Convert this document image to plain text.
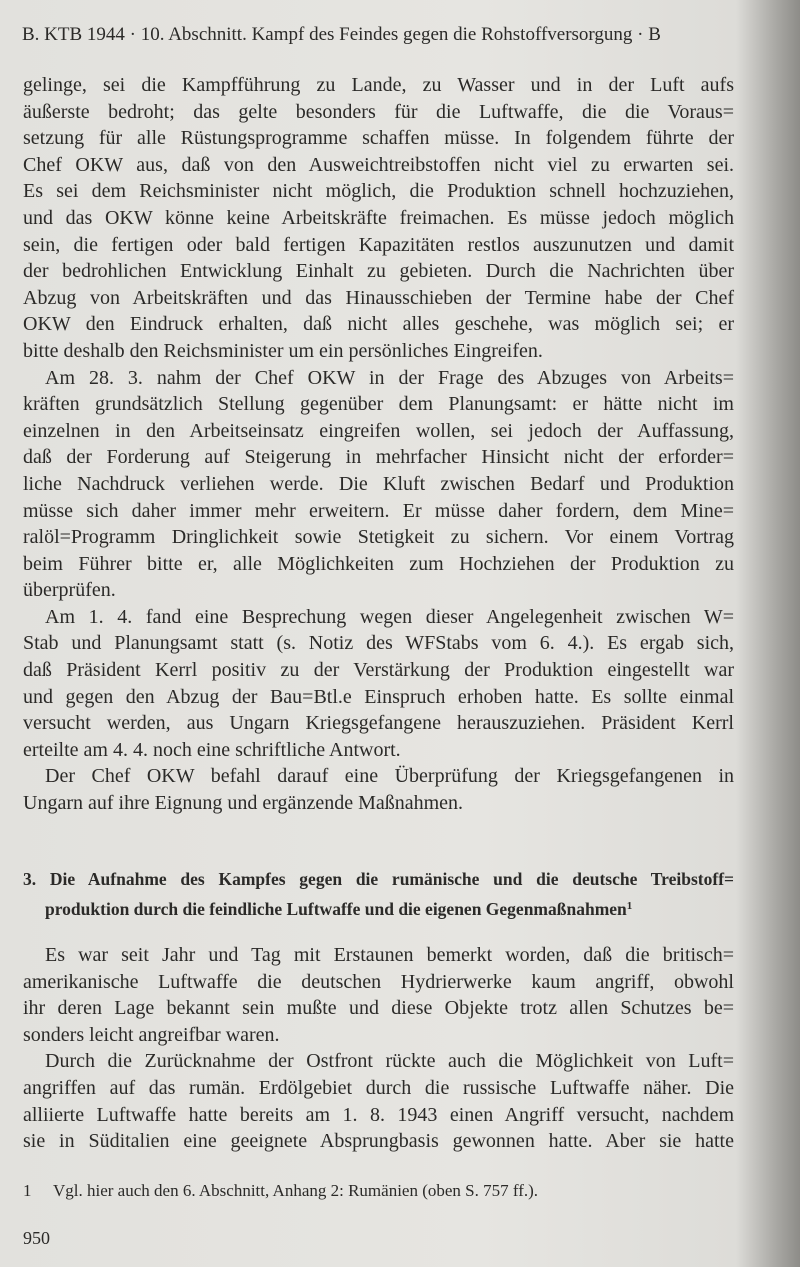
B. KTB 1944 · 10. Abschnitt. Kampf des Feindes gegen die Rohstoffversorgung · B
gelinge, sei die Kampfführung zu Lande, zu Wasser und in der Luft aufs
äußerste bedroht; das gelte besonders für die Luftwaffe, die die Voraus=
setzung für alle Rüstungsprogramme schaffen müsse. In folgendem führte der
Chef OKW aus, daß von den Ausweichtreibstoffen nicht viel zu erwarten sei.
Es sei dem Reichsminister nicht möglich, die Produktion schnell hochzuziehen,
und das OKW könne keine Arbeitskräfte freimachen. Es müsse jedoch möglich
sein, die fertigen oder bald fertigen Kapazitäten restlos auszunutzen und damit
der bedrohlichen Entwicklung Einhalt zu gebieten. Durch die Nachrichten über
Abzug von Arbeitskräften und das Hinausschieben der Termine habe der Chef
OKW den Eindruck erhalten, daß nicht alles geschehe, was möglich sei; er
bitte deshalb den Reichsminister um ein persönliches Eingreifen.
Am 28. 3. nahm der Chef OKW in der Frage des Abzuges von Arbeits=
kräften grundsätzlich Stellung gegenüber dem Planungsamt: er hätte nicht im
einzelnen in den Arbeitseinsatz eingreifen wollen, sei jedoch der Auffassung,
daß der Forderung auf Steigerung in mehrfacher Hinsicht nicht der erforder=
liche Nachdruck verliehen werde. Die Kluft zwischen Bedarf und Produktion
müsse sich daher immer mehr erweitern. Er müsse daher fordern, dem Mine=
ralöl=Programm Dringlichkeit sowie Stetigkeit zu sichern. Vor einem Vortrag
beim Führer bitte er, alle Möglichkeiten zum Hochziehen der Produktion zu
überprüfen.
Am 1. 4. fand eine Besprechung wegen dieser Angelegenheit zwischen W=
Stab und Planungsamt statt (s. Notiz des WFStabs vom 6. 4.). Es ergab sich,
daß Präsident Kerrl positiv zu der Verstärkung der Produktion eingestellt war
und gegen den Abzug der Bau=Btl.e Einspruch erhoben hatte. Es sollte einmal
versucht werden, aus Ungarn Kriegsgefangene herauszuziehen. Präsident Kerrl
erteilte am 4. 4. noch eine schriftliche Antwort.
Der Chef OKW befahl darauf eine Überprüfung der Kriegsgefangenen in
Ungarn auf ihre Eignung und ergänzende Maßnahmen.
3. Die Aufnahme des Kampfes gegen die rumänische und die deutsche Treibstoff=
produktion durch die feindliche Luftwaffe und die eigenen Gegenmaßnahmen$^1$
Es war seit Jahr und Tag mit Erstaunen bemerkt worden, daß die britisch=
amerikanische Luftwaffe die deutschen Hydrierwerke kaum angriff, obwohl
ihr deren Lage bekannt sein mußte und diese Objekte trotz allen Schutzes be=
sonders leicht angreifbar waren.
Durch die Zurücknahme der Ostfront rückte auch die Möglichkeit von Luft=
angriffen auf das rumän. Erdölgebiet durch die russische Luftwaffe näher. Die
alliierte Luftwaffe hatte bereits am 1. 8. 1943 einen Angriff versucht, nachdem
sie in Süditalien eine geeignete Absprungbasis gewonnen hatte. Aber sie hatte
1 Vgl. hier auch den 6. Abschnitt, Anhang 2: Rumänien (oben S. 757 ff.).
950
